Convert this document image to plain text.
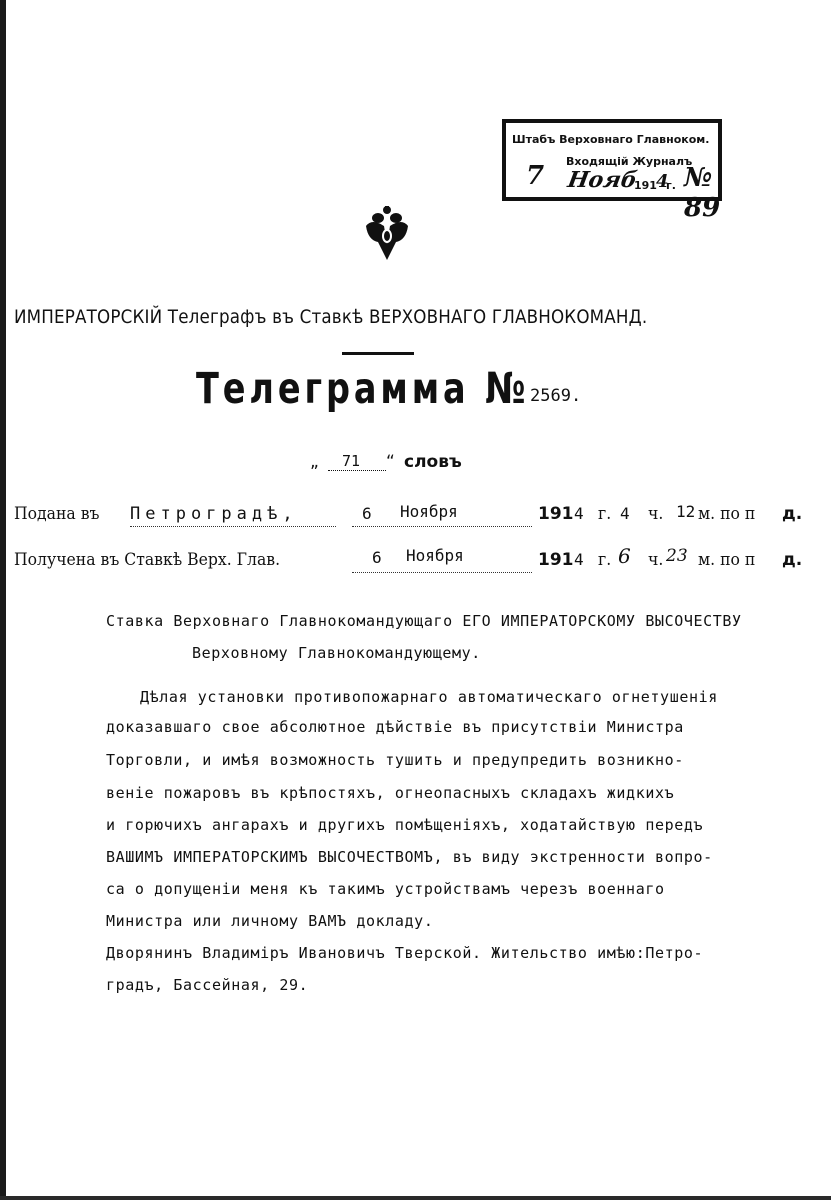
Штабъ Верховнаго Главноком.
Входящій Журналъ
7 Нояб
191 4
г. № 89
ИМПЕРАТОРСКІЙ Телеграфъ въ Ставкѣ ВЕРХОВНАГО ГЛАВНОКОМАНД.
Телеграмма № 2569.
„ 71 “ словъ
Подана въ Петроградѣ,	6 Ноября	191 4 г. 4 ч. 12 м. по п д.
Получена въ Ставкѣ Верх. Глав.	6 Ноября	191 4 г. 6 ч. 23 м. по п д.
Ставка Верховнаго Главнокомандующаго ЕГО ИМПЕРАТОРСКОМУ ВЫСОЧЕСТВУ
Верховному Главнокомандующему.
Дѣлая установки противопожарнаго автоматическаго огнетушенія
доказавшаго свое абсолютное дѣйствіе въ присутствіи Министра
Торговли, и имѣя возможность тушить и предупредить возникно-
веніе пожаровъ въ крѣпостяхъ, огнеопасныхъ складахъ жидкихъ
и горючихъ ангарахъ и другихъ помѣщеніяхъ, ходатайствую передъ
ВАШИМЪ ИМПЕРАТОРСКИМЪ ВЫСОЧЕСТВОМЪ, въ виду экстренности вопро-
са о допущеніи меня къ такимъ устройствамъ черезъ военнаго
Министра или личному ВАМЪ докладу.
Дворянинъ Владиміръ Ивановичъ Тверской. Жительство имѣю:Петро-
градъ, Бассейная, 29.
